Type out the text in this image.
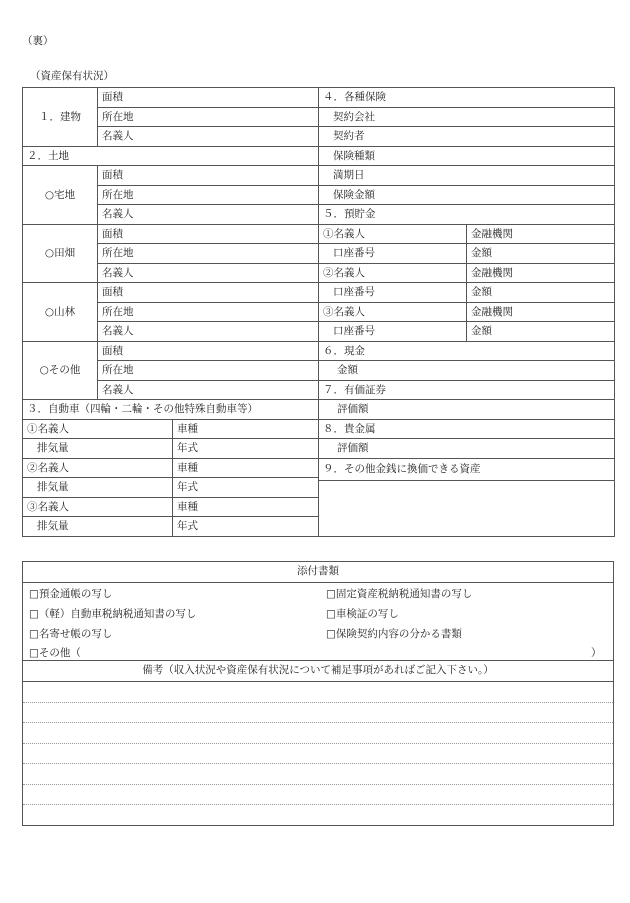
（裏）
（資産保有状況）
１．建物	面積	
	所在地	
	名義人	
２．土地		
○宅地	面積	
	所在地	
	名義人	
○田畑	面積	
	所在地	
	名義人	
○山林	面積	
	所在地	
	名義人	
○その他	面積	
	所在地	
	名義人	
３．自動車（四輪・二輪・その他特殊自動車等）		
①名義人		車種
排気量		年式
②名義人		車種
排気量		年式
③名義人		車種
排気量		年式
４．各種保険	
契約会社	
契約者	
保険種類	
満期日	
保険金額	
５．預貯金	
①名義人	金融機関
口座番号	金額
②名義人	金融機関
口座番号	金額
③名義人	金融機関
口座番号	金額
６．現金	
金額	
７．有価証券	
評価額	
８．貴金属	
評価額	
９．その他金銭に換価できる資産	

添付書類
□預金通帳の写し	□固定資産税納税通知書の写し
□（軽）自動車税納税通知書の写し	□車検証の写し
□名寄せ帳の写し	□保険契約内容の分かる書類
□その他（	）
備考（収入状況や資産保有状況について補足事項があればご記入下さい。）
